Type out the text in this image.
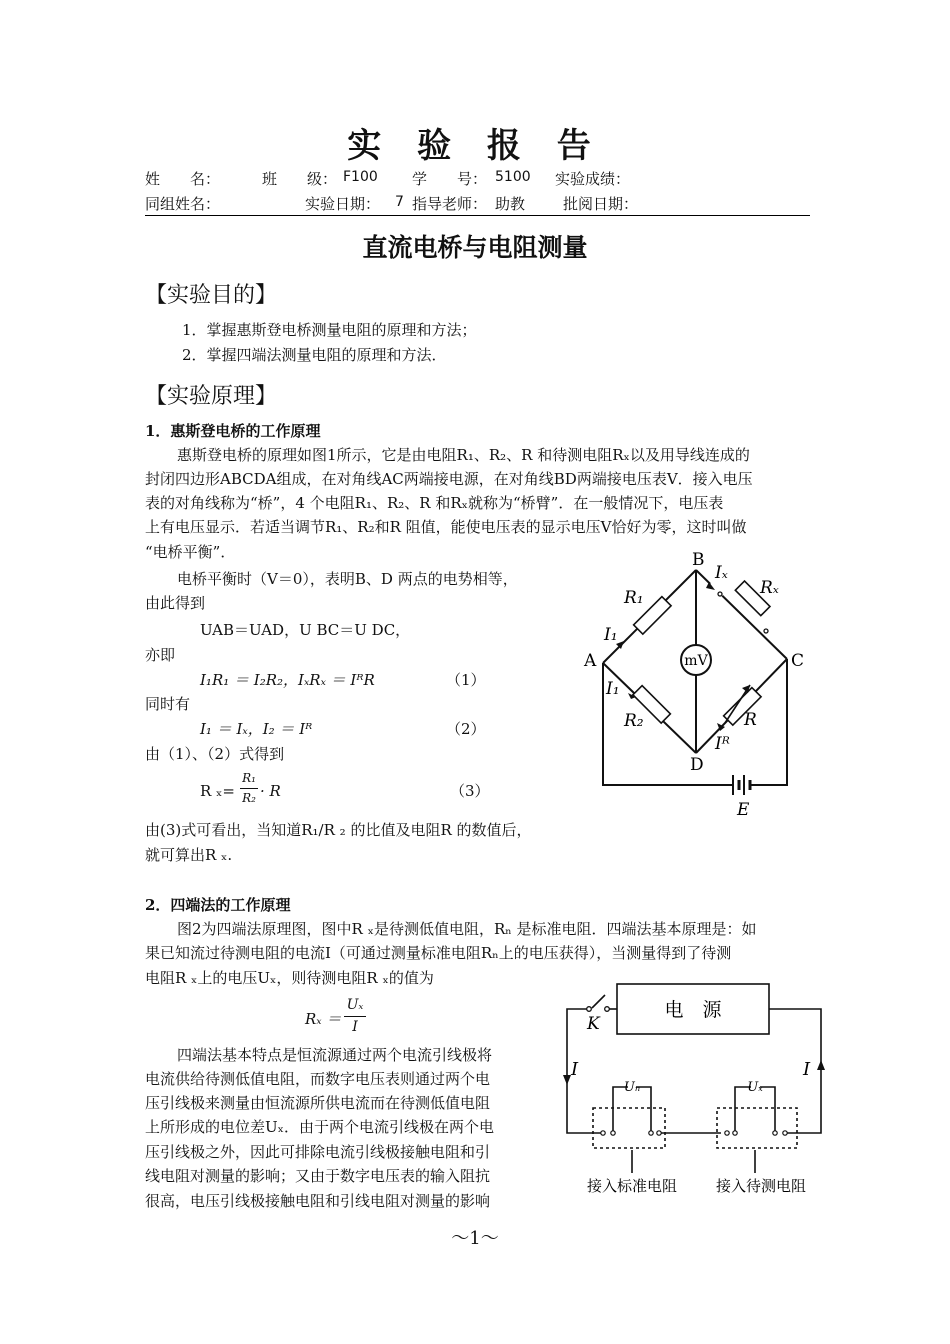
实 验 报 告
姓　　名：	班　　级： F100 学　　号： 5100 实验成绩：
同组姓名：	实验日期： 7 指导老师： 助教	批阅日期：
直流电桥与电阻测量
【实验目的】
1．掌握惠斯登电桥测量电阻的原理和方法；
2．掌握四端法测量电阻的原理和方法．
【实验原理】
1．惠斯登电桥的工作原理
惠斯登电桥的原理如图1所示，它是由电阻R₁、R₂、R 和待测电阻Rₓ以及用导线连成的
封闭四边形ABCDA组成，在对角线AC两端接电源，在对角线BD两端接电压表V．接入电压
表的对角线称为“桥”，4 个电阻R₁、R₂、R 和Rₓ就称为“桥臂”．在一般情况下，电压表
上有电压显示．若适当调节R₁、R₂和R 阻值，能使电压表的显示电压V恰好为零，这时叫做
“电桥平衡”．
电桥平衡时（V＝0），表明B、D 两点的电势相等，
由此得到
UAB＝UAD，U BC＝U DC，
亦即
I₁R₁ ＝ I₂R₂，IₓRₓ ＝ IᴿR	（1）
同时有
I₁ ＝ Iₓ，I₂ ＝ Iᴿ	（2）
由（1）、（2）式得到
R ₓ=
R₁
R₂ · R	（3）
由(3)式可看出，当知道R₁/R ₂ 的比值及电阻R 的数值后，
就可算出R ₓ.
mV
B
A	C
D
E
R₁
R₂	R
Rₓ
I₁
I₁
Iₓ
Iᴿ
2．四端法的工作原理
图2为四端法原理图，图中R ₓ是待测低值电阻，Rₙ 是标准电阻．四端法基本原理是：如
果已知流过待测电阻的电流I（可通过测量标准电阻Rₙ上的电压获得），当测量得到了待测
电阻R ₓ上的电压Uₓ，则待测电阻R ₓ的值为
Rₓ ＝
Uₓ
I
四端法基本特点是恒流源通过两个电流引线极将
电流供给待测低值电阻，而数字电压表则通过两个电
压引线极来测量由恒流源所供电流而在待测低值电阻
上所形成的电位差Uₓ．由于两个电流引线极在两个电
压引线极之外，因此可排除电流引线极接触电阻和引
线电阻对测量的影响；又由于数字电压表的输入阻抗
很高，电压引线极接触电阻和引线电阻对测量的影响
电　源
K
I	I
Uₙ	Uₓ
接入标准电阻	接入待测电阻
～1～
